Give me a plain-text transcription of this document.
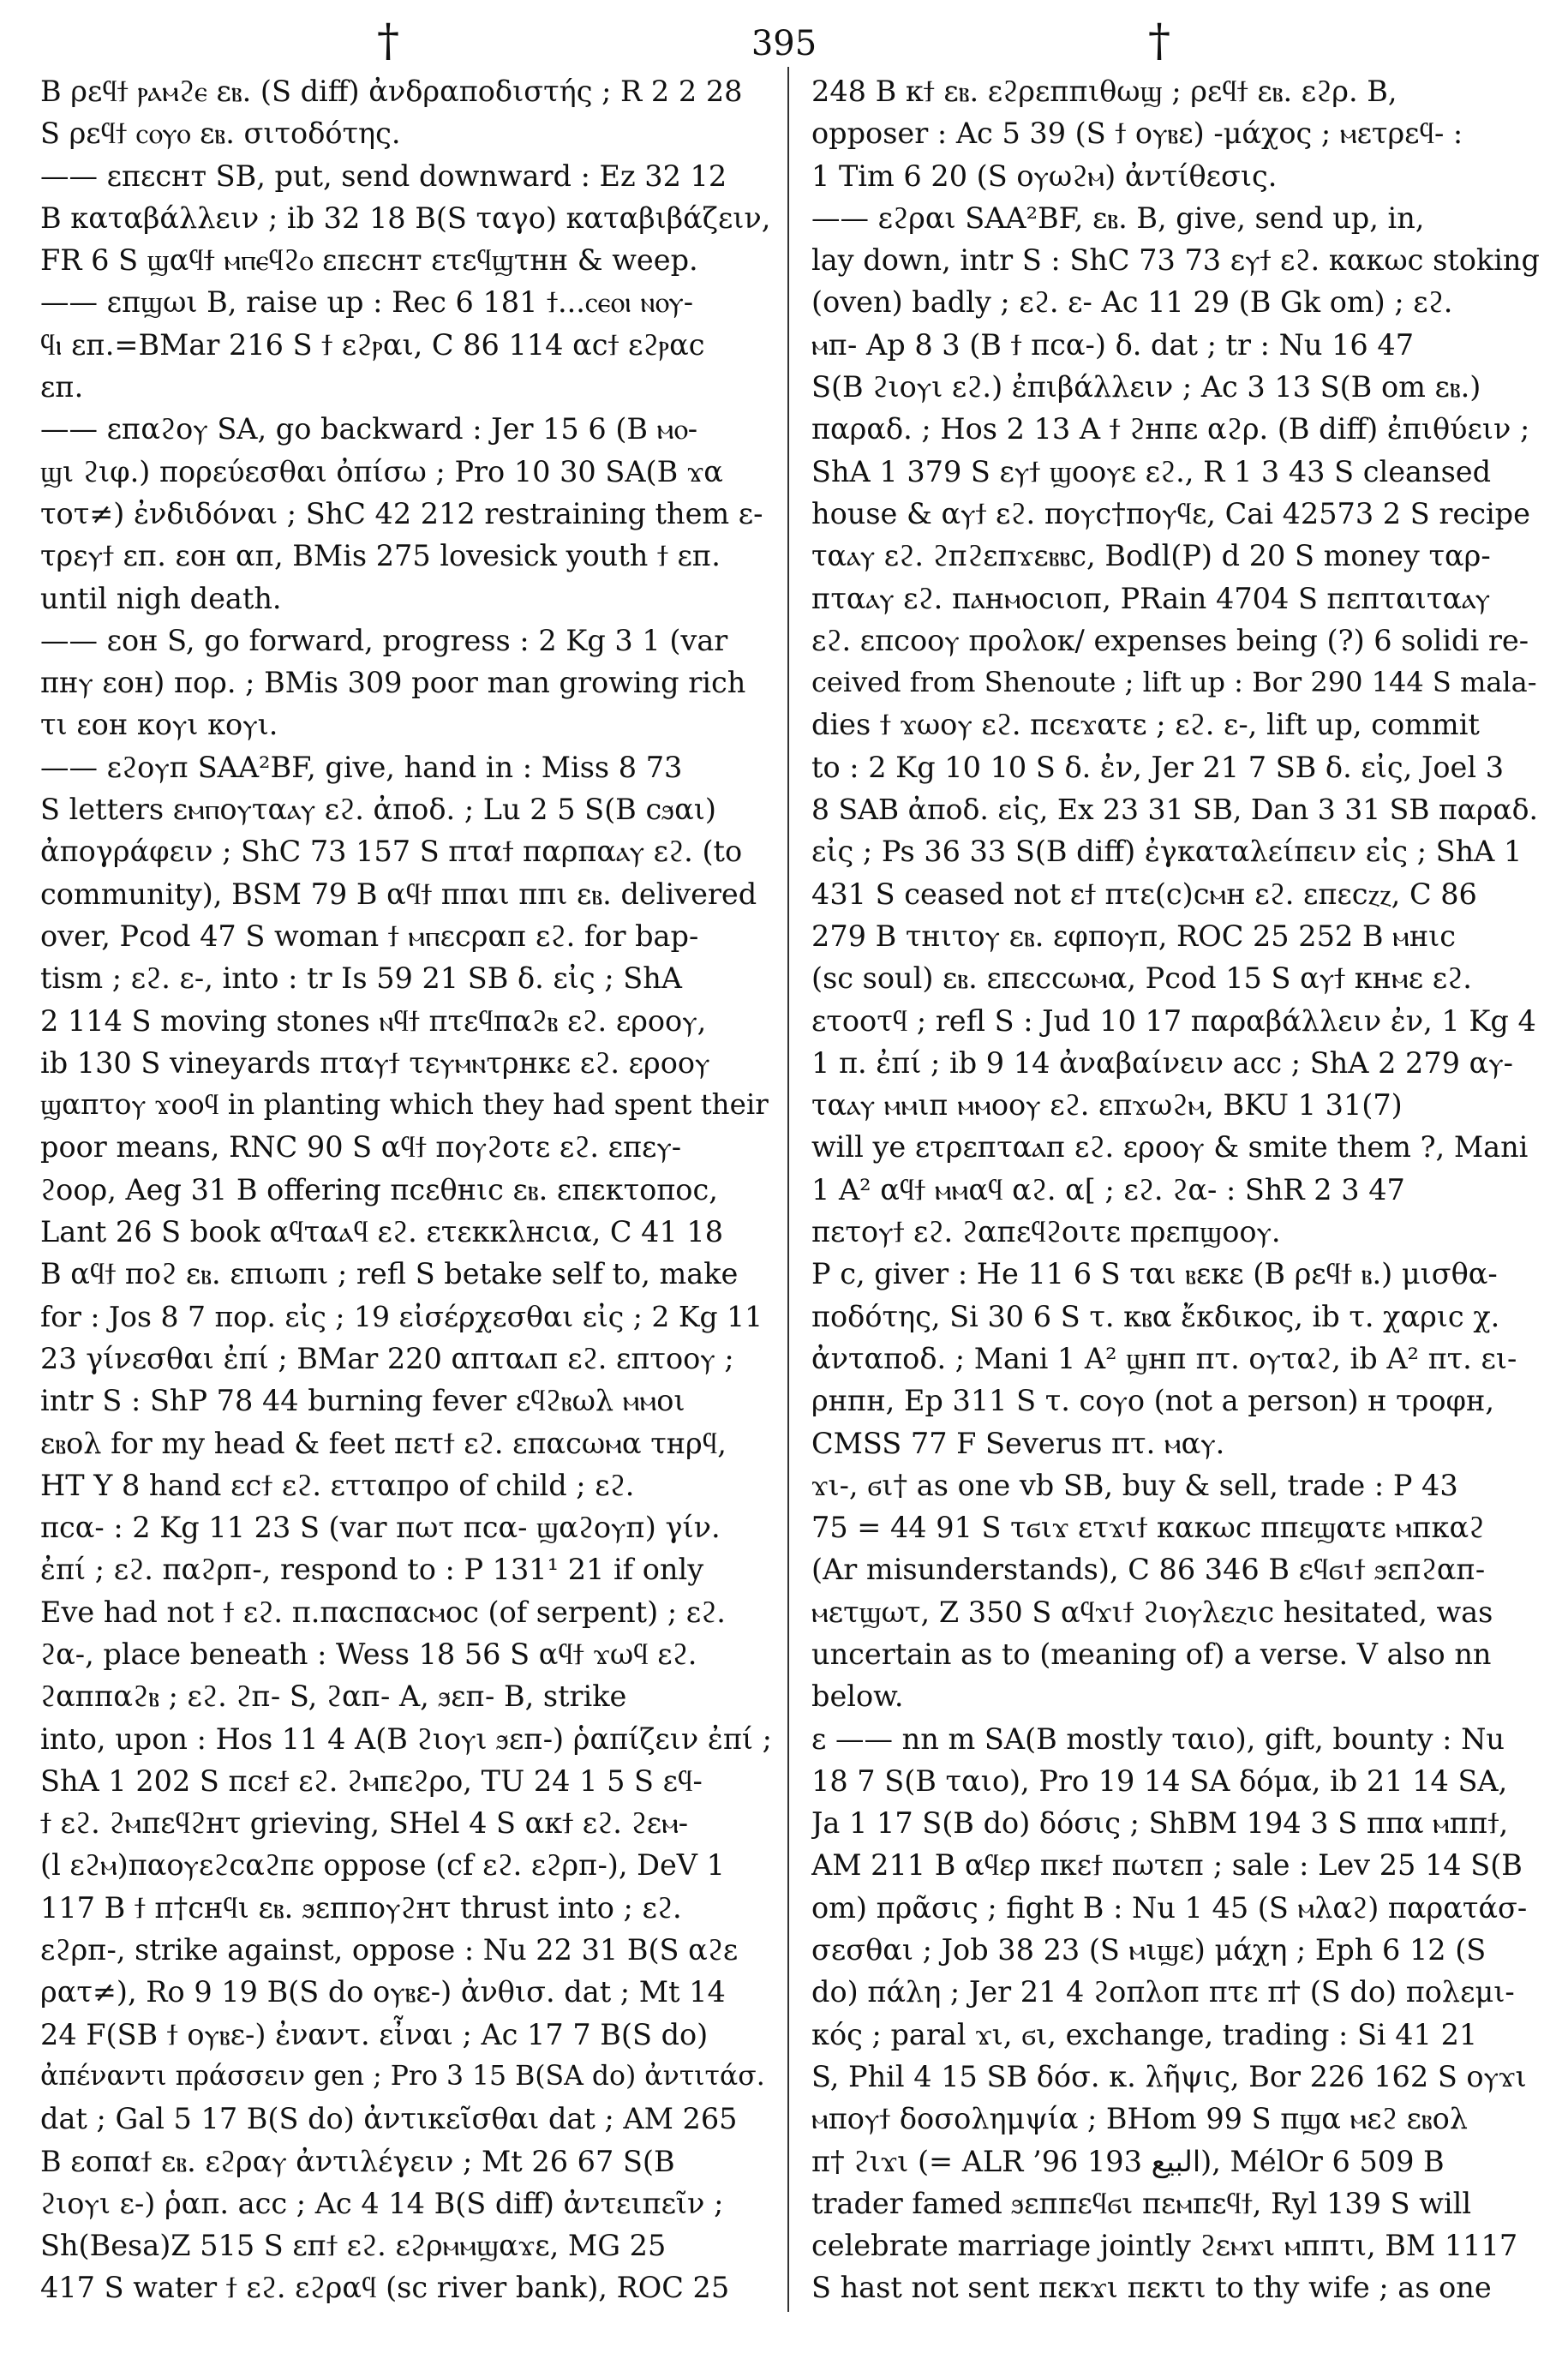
†	395	†
B ρεϥϯ ⲣⲁⲙϩⲉ εⲃ. (S diff) ἀνδραποδιστής ; R 2 2 28
S ρεϥϯ ⲥⲟⲩⲟ εⲃ. σιτοδότης.
—— επεснт SB, put, send downward : Ez 32 12
B καταβάλλειν ; ib 32 18 B(S ταγο) καταβιβάζειν,
FR 6 S ϣαϥϯ ⲙⲡⲉϥϩⲟ επεснт ετεϥϣτнн & weep.
—— επϣωι B, raise up : Rec 6 181 ϯ...ⲥⲉⲟⲓ ⲛⲟⲩ-
ϥⲓ εп.=BMar 216 S ϯ εϩⲣαι, C 86 114 αcϯ εϩⲣαc
εп.
—— εпαϩοⲩ SA, go backward : Jer 15 6 (B ⲙⲟ-
ϣι ϩιφ.) πορεύεσθαι ὀπίσω ; Pro 10 30 SA(B ϫα
τοτ≠) ἐνδιδόναι ; ShC 42 212 restraining them ε-
τρεⲩϯ εп. εοн αп, BMis 275 lovesick youth ϯ εп.
until nigh death.
—— εοн S, go forward, progress : 2 Kg 3 1 (var
πнⲩ εοн) πορ. ; BMis 309 poor man growing rich
τι εοн κοⲩι κοⲩι.
—— εϩοⲩп SAA²BF, give, hand in : Miss 8 73
S letters εⲙⲡοⲩταⲁⲩ εϩ. ἀποδ. ; Lu 2 5 S(B cϧαι)
ἀπογράφειν ; ShC 73 157 S πταϯ παρπαⲁⲩ εϩ. (to
community), BSM 79 B αϥϯ ππαι ππι εⲃ. delivered
over, Pcod 47 S woman ϯ ⲙⲡεcραп εϩ. for bap-
tism ; εϩ. ε-, into : tr Is 59 21 SB δ. εἰς ; ShA
2 114 S moving stones ⲛϥϯ πτεϥπαϩⲃ εϩ. εροοⲩ,
ib 130 S vineyards πταⲩϯ τεⲩⲙⲛτρнκε εϩ. εροοⲩ
ϣαпτοⲩ ϫοοϥ in planting which they had spent their
poor means, RNC 90 S αϥϯ ποⲩϩοτε εϩ. επεⲩ-
ϩοορ, Aeg 31 B offering πcεθнιc εⲃ. επεκτοποc,
Lant 26 S book αϥταⲁϥ εϩ. ετεκκλнcια, C 41 18
B αϥϯ ποϩ εⲃ. επιωπι ; refl S betake self to, make
for : Jos 8 7 πορ. εἰς ; 19 εἰσέρχεσθαι εἰς ; 2 Kg 11
23 γίνεσθαι ἐπί ; BMar 220 αпταⲁп εϩ. επτοοⲩ ;
intr S : ShP 78 44 burning fever εϥϩⲃωλ ⲙⲙοι
εⲃολ for my head & feet πετϯ εϩ. επαcωⲙα τнρϥ,
HT Y 8 hand εcϯ εϩ. ετταπρο of child ; εϩ.
πcα- : 2 Kg 11 23 S (var πωτ πcα- ϣαϩοⲩп) γίν.
ἐπί ; εϩ. παϩρп-, respond to : P 131¹ 21 if only
Eve had not ϯ εϩ. π.παcπαcⲙοc (of serpent) ; εϩ.
ϩα-, place beneath : Wess 18 56 S αϥϯ ϫωϥ εϩ.
ϩαппαϩⲃ ; εϩ. ϩп- S, ϩαп- A, ϧεп- B, strike
into, upon : Hos 11 4 A(B ϩιοⲩι ϧεп-) ῥαπίζειν ἐπί ;
ShA 1 202 S πcεϯ εϩ. ϩⲙπεϩρο, TU 24 1 5 S εϥ-
ϯ εϩ. ϩⲙπεϥϩнτ grieving, SHel 4 S αкϯ εϩ. ϩεⲙ-
(l εϩⲙ)παοⲩεϩcαϩпε oppose (cf εϩ. εϩρп-), DeV 1
117 B ϯ π†cнϥι εⲃ. ϧεппοⲩϩнτ thrust into ; εϩ.
εϩρп-, strike against, oppose : Nu 22 31 B(S αϩε
ρατ≠), Ro 9 19 B(S do οⲩⲃε-) ἀνθισ. dat ; Mt 14
24 F(SB ϯ οⲩⲃε-) ἐναντ. εἶναι ; Ac 17 7 B(S do)
ἀπέναντι πράσσειν gen ; Pro 3 15 B(SA do) ἀντιτάσ.
dat ; Gal 5 17 B(S do) ἀντικεῖσθαι dat ; AM 265
B εοπαϯ εⲃ. εϩραⲩ ἀντιλέγειν ; Mt 26 67 S(B
ϩιοⲩι ε-) ῥαπ. acc ; Ac 4 14 B(S diff) ἀντειπεῖν ;
Sh(Besa)Z 515 S εпϯ εϩ. εϩρⲙⲙϣαϫε, MG 25
417 S water ϯ εϩ. εϩραϥ (sc river bank), ROC 25
248 B κϯ εⲃ. εϩρεппιθωϣ ; ρεϥϯ εⲃ. εϩρ. B,
opposer : Ac 5 39 (S ϯ οⲩⲃε) -μάχος ; ⲙετρεϥ- :
1 Tim 6 20 (S οⲩωϩⲙ) ἀντίθεσις.
—— εϩραι SAA²BF, εⲃ. B, give, send up, in,
lay down, intr S : ShC 73 73 εⲩϯ εϩ. κακωc stoking
(oven) badly ; εϩ. ε- Ac 11 29 (B Gk om) ; εϩ.
ⲙп- Ap 8 3 (B ϯ πcα-) δ. dat ; tr : Nu 16 47
S(B ϩιοⲩι εϩ.) ἐπιβάλλειν ; Ac 3 13 S(B om εⲃ.)
παραδ. ; Hos 2 13 A ϯ ϩнпε αϩρ. (B diff) ἐπιθύειν ;
ShA 1 379 S εⲩϯ ϣοοⲩε εϩ., R 1 3 43 S cleansed
house & αⲩϯ εϩ. ποⲩc†ποⲩϥε, Cai 42573 2 S recipe
ταⲁⲩ εϩ. ϩпϩεпϫεⲃⲃc, Bodl(P) d 20 S money ταρ-
пταⲁⲩ εϩ. πⲁнⲙοcιοп, PRain 4704 S пεпταιταⲁⲩ
εϩ. επcοοⲩ προλοκ/ expenses being (?) 6 solidi re-
ceived from Shenoute ; lift up : Bor 290 144 S mala-
dies ϯ ϫωοⲩ εϩ. пcεϫατε ; εϩ. ε-, lift up, commit
to : 2 Kg 10 10 S δ. ἐν, Jer 21 7 SB δ. εἰς, Joel 3
8 SAB ἀποδ. εἰς, Ex 23 31 SB, Dan 3 31 SB παραδ.
εἰς ; Ps 36 33 S(B diff) ἐγκαταλείπειν εἰς ; ShA 1
431 S ceased not εϯ пτε(c)cⲙн εϩ. επεcⲍⲍ, C 86
279 B τнιτοⲩ εⲃ. εφποⲩп, ROC 25 252 B ⲙнιc
(sc soul) εⲃ. επεccωⲙα, Pcod 15 S αⲩϯ кнⲙε εϩ.
ετοοτϥ ; refl S : Jud 10 17 παραβάλλειν ἐν, 1 Kg 4
1 π. ἐπί ; ib 9 14 ἀναβαίνειν acc ; ShA 2 279 αⲩ-
ταⲁⲩ ⲙⲙιп ⲙⲙοοⲩ εϩ. επϫωϩⲙ, BKU 1 31(7)
will ye ετρεпταⲁп εϩ. εροοⲩ & smite them ?, Mani
1 A² αϥϯ ⲙⲙαϥ αϩ. α[ ; εϩ. ϩα- : ShR 2 3 47
πετοⲩϯ εϩ. ϩαпεϥϩοιτε πρεпϣοοⲩ.
P c, giver : He 11 6 S ται ⲃεκε (B ρεϥϯ ⲃ.) μισθα-
ποδότης, Si 30 6 S τ. κⲃα ἔκδικος, ib τ. χαριc χ.
ἀνταποδ. ; Mani 1 A² ϣнп πτ. οⲩταϩ, ib A² πτ. ει-
ρнпн, Ep 311 S τ. cοⲩο (not a person) н τροφн,
CMSS 77 F Severus πτ. ⲙαⲩ.
ϫι-, ϭι† as one vb SB, buy & sell, trade : P 43
75 = 44 91 S τϭιϫ ετϫιϯ κακωc ппεϣατε ⲙпκαϩ
(Ar misunderstands), C 86 346 B εϥϭιϯ ϧεпϩαп-
ⲙετϣωτ, Z 350 S αϥϫιϯ ϩιοⲩλεⲍιc hesitated, was
uncertain as to (meaning of) a verse. V also nn
below.
ε —— nn m SA(B mostly ταιο), gift, bounty : Nu
18 7 S(B ταιο), Pro 19 14 SA δόμα, ib 21 14 SA,
Ja 1 17 S(B do) δόσις ; ShBM 194 3 S ππα ⲙппϯ,
AM 211 B αϥερ πκεϯ πωτεп ; sale : Lev 25 14 S(B
om) πρᾶσις ; fight B : Nu 1 45 (S ⲙλαϩ) παρατάσ-
σεσθαι ; Job 38 23 (S ⲙιϣε) μάχη ; Eph 6 12 (S
do) πάλη ; Jer 21 4 ϩοπλοп πτε π† (S do) πολεμι-
κός ; paral ϫι, ϭι, exchange, trading : Si 41 21
S, Phil 4 15 SB δόσ. κ. λῆψις, Bor 226 162 S οⲩϫι
ⲙποⲩϯ δοσολημψία ; BHom 99 S πϣα ⲙεϩ εⲃολ
π† ϩιϫι (= ALR ’96 193 البيع), MélOr 6 509 B
trader famed ϧεппεϥϭι πεⲙπεϥϯ, Ryl 139 S will
celebrate marriage jointly ϩεⲙϫι ⲙппτι, BM 1117
S hast not sent πεκϫι πεκτι to thy wife ; as one
